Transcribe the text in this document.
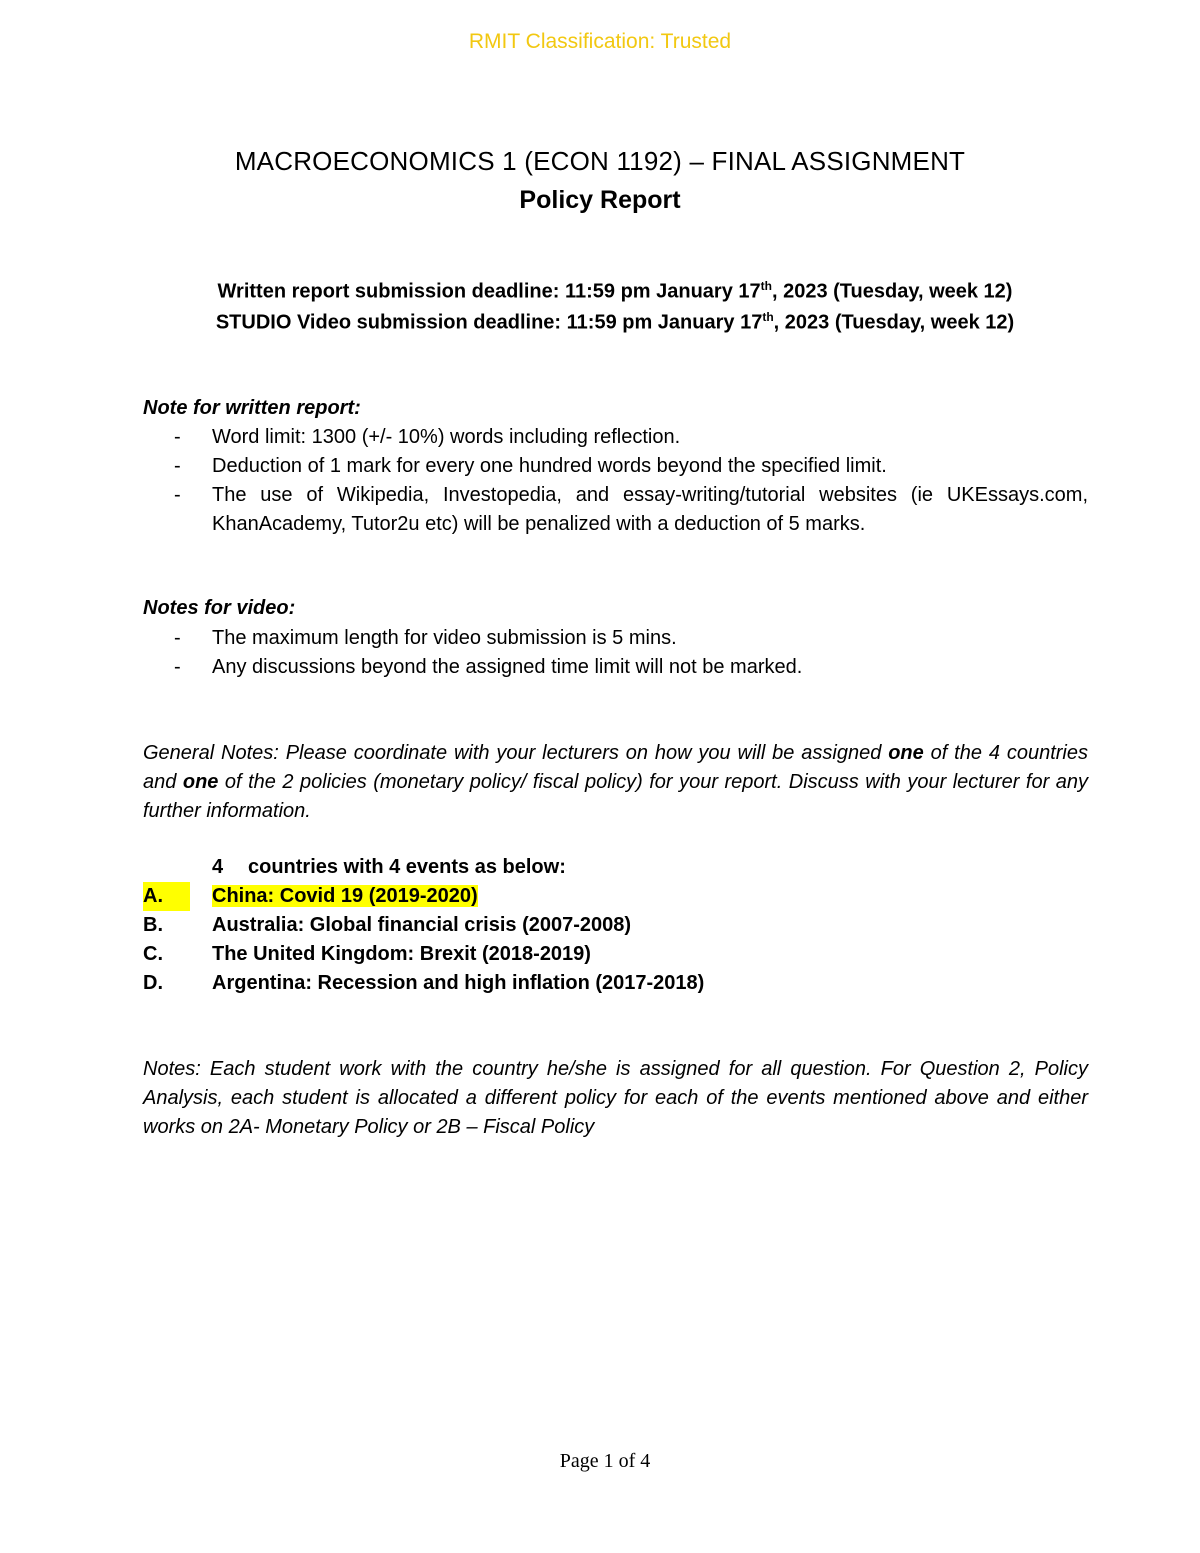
RMIT Classification: Trusted
MACROECONOMICS 1 (ECON 1192) – FINAL ASSIGNMENT
Policy Report
Written report submission deadline: 11:59 pm January 17th, 2023 (Tuesday, week 12)
STUDIO Video submission deadline: 11:59 pm January 17th, 2023 (Tuesday, week 12)
Note for written report:
- Word limit: 1300 (+/- 10%) words including reflection.
- Deduction of 1 mark for every one hundred words beyond the specified limit.
- The use of Wikipedia, Investopedia, and essay-writing/tutorial websites (ie UKEssays.com, KhanAcademy, Tutor2u etc) will be penalized with a deduction of 5 marks.
Notes for video:
- The maximum length for video submission is 5 mins.
- Any discussions beyond the assigned time limit will not be marked.
General Notes: Please coordinate with your lecturers on how you will be assigned one of the 4 countries and one of the 2 policies (monetary policy/ fiscal policy) for your report. Discuss with your lecturer for any further information.
4 countries with 4 events as below:
A.	China: Covid 19 (2019-2020)
B. Australia: Global financial crisis (2007-2008)
C. The United Kingdom: Brexit (2018-2019)
D. Argentina: Recession and high inflation (2017-2018)
Notes: Each student work with the country he/she is assigned for all question. For Question 2, Policy Analysis, each student is allocated a different policy for each of the events mentioned above and either works on 2A- Monetary Policy or 2B – Fiscal Policy
Page 1 of 4
